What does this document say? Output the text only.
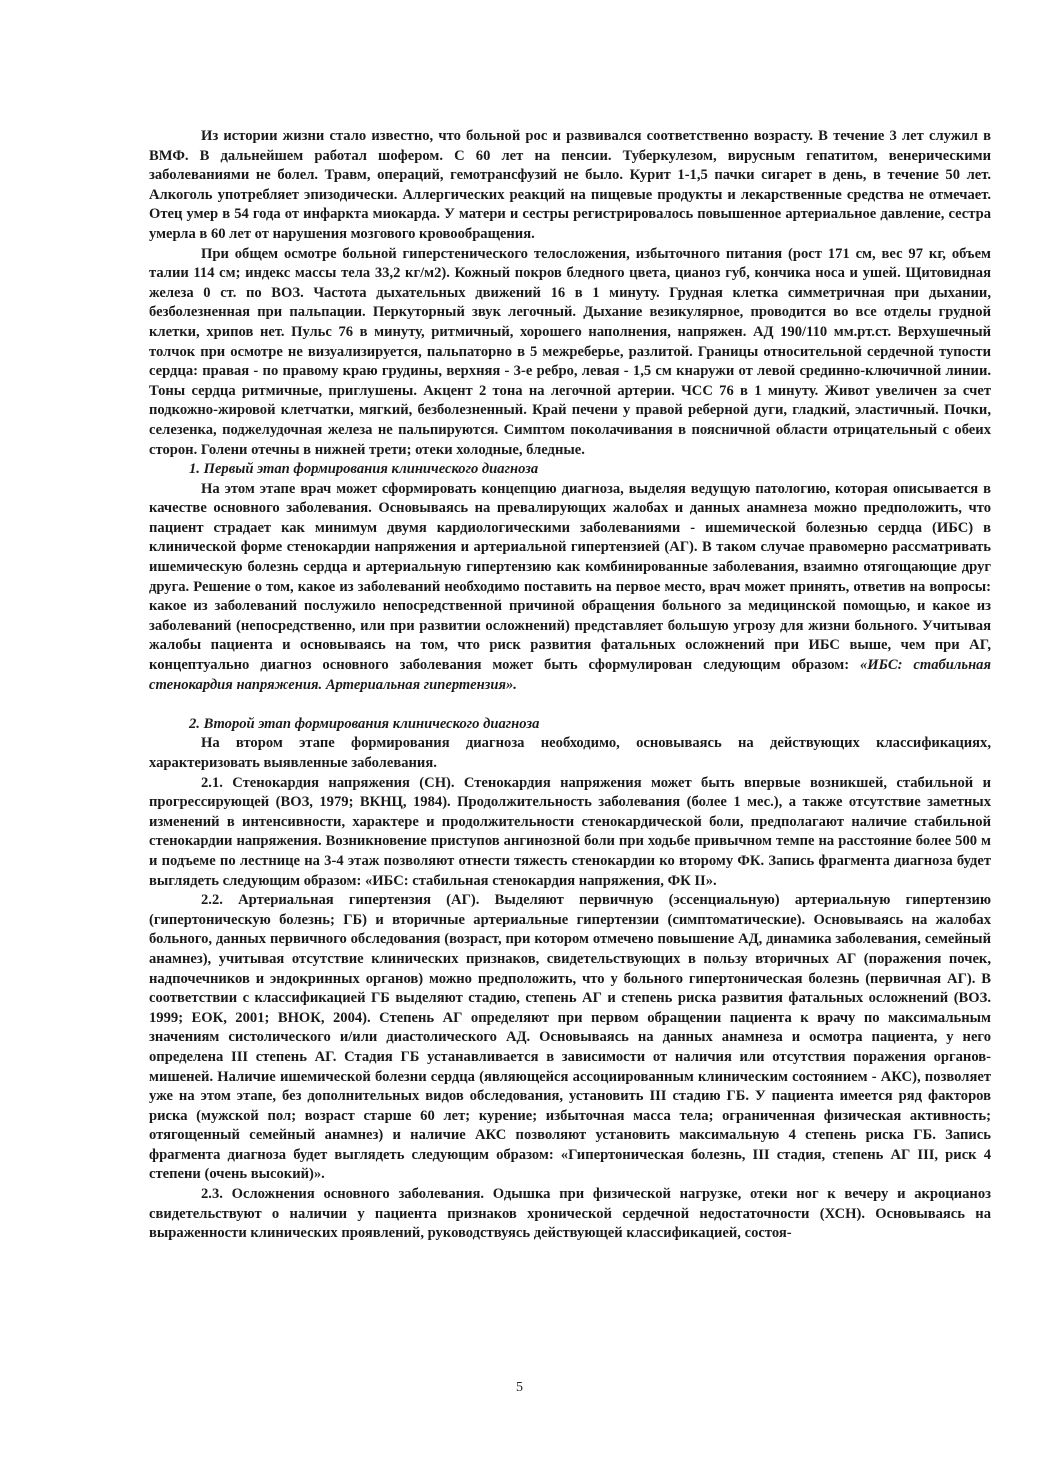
Из истории жизни стало известно, что больной рос и развивался соответственно возрасту. В течение 3 лет служил в ВМФ. В дальнейшем работал шофером. С 60 лет на пенсии. Туберкулезом, вирусным гепатитом, венерическими заболеваниями не болел. Травм, операций, гемотрансфузий не было. Курит 1-1,5 пачки сигарет в день, в течение 50 лет. Алкоголь употребляет эпизодически. Аллергических реакций на пищевые продукты и лекарственные средства не отмечает. Отец умер в 54 года от инфаркта миокарда. У матери и сестры регистрировалось повышенное артериальное давление, сестра умерла в 60 лет от нарушения мозгового кровообращения.

При общем осмотре больной гиперстенического телосложения, избыточного питания (рост 171 см, вес 97 кг, объем талии 114 см; индекс массы тела 33,2 кг/м2). Кожный покров бледного цвета, цианоз губ, кончика носа и ушей. Щитовидная железа 0 ст. по ВОЗ. Частота дыхательных движений 16 в 1 минуту. Грудная клетка симметричная при дыхании, безболезненная при пальпации. Перкуторный звук легочный. Дыхание везикулярное, проводится во все отделы грудной клетки, хрипов нет. Пульс 76 в минуту, ритмичный, хорошего наполнения, напряжен. АД 190/110 мм.рт.ст. Верхушечный толчок при осмотре не визуализируется, пальпаторно в 5 межреберье, разлитой. Границы относительной сердечной тупости сердца: правая - по правому краю грудины, верхняя - 3-е ребро, левая - 1,5 см кнаружи от левой срединно-ключичной линии. Тоны сердца ритмичные, приглушены. Акцент 2 тона на легочной артерии. ЧСС 76 в 1 минуту. Живот увеличен за счет подкожно-жировой клетчатки, мягкий, безболезненный. Край печени у правой реберной дуги, гладкий, эластичный. Почки, селезенка, поджелудочная железа не пальпируются. Симптом поколачивания в поясничной области отрицательный с обеих сторон. Голени отечны в нижней трети; отеки холодные, бледные.

1. Первый этап формирования клинического диагноза

На этом этапе врач может сформировать концепцию диагноза, выделяя ведущую патологию, которая описывается в качестве основного заболевания. Основываясь на превалирующих жалобах и данных анамнеза можно предположить, что пациент страдает как минимум двумя кардиологическими заболеваниями - ишемической болезнью сердца (ИБС) в клинической форме стенокардии напряжения и артериальной гипертензией (АГ). В таком случае правомерно рассматривать ишемическую болезнь сердца и артериальную гипертензию как комбинированные заболевания, взаимно отягощающие друг друга. Решение о том, какое из заболеваний необходимо поставить на первое место, врач может принять, ответив на вопросы: какое из заболеваний послужило непосредственной причиной обращения больного за медицинской помощью, и какое из заболеваний (непосредственно, или при развитии осложнений) представляет большую угрозу для жизни больного. Учитывая жалобы пациента и основываясь на том, что риск развития фатальных осложнений при ИБС выше, чем при АГ, концептуально диагноз основного заболевания может быть сформулирован следующим образом: «ИБС: стабильная стенокардия напряжения. Артериальная гипертензия».

2. Второй этап формирования клинического диагноза

На втором этапе формирования диагноза необходимо, основываясь на действующих классификациях, характеризовать выявленные заболевания.

2.1. Стенокардия напряжения (СН). Стенокардия напряжения может быть впервые возникшей, стабильной и прогрессирующей (ВОЗ, 1979; ВКНЦ, 1984). Продолжительность заболевания (более 1 мес.), а также отсутствие заметных изменений в интенсивности, характере и продолжительности стенокардической боли, предполагают наличие стабильной стенокардии напряжения. Возникновение приступов ангинозной боли при ходьбе привычном темпе на расстояние более 500 м и подъеме по лестнице на 3-4 этаж позволяют отнести тяжесть стенокардии ко второму ФК. Запись фрагмента диагноза будет выглядеть следующим образом: «ИБС: стабильная стенокардия напряжения, ФК II».

2.2. Артериальная гипертензия (АГ). Выделяют первичную (эссенциальную) артериальную гипертензию (гипертоническую болезнь; ГБ) и вторичные артериальные гипертензии (симптоматические). Основываясь на жалобах больного, данных первичного обследования (возраст, при котором отмечено повышение АД, динамика заболевания, семейный анамнез), учитывая отсутствие клинических признаков, свидетельствующих в пользу вторичных АГ (поражения почек, надпочечников и эндокринных органов) можно предположить, что у больного гипертоническая болезнь (первичная АГ). В соответствии с классификацией ГБ выделяют стадию, степень АГ и степень риска развития фатальных осложнений (ВОЗ. 1999; ЕОК, 2001; ВНОК, 2004). Степень АГ определяют при первом обращении пациента к врачу по максимальным значениям систолического и/или диастолического АД. Основываясь на данных анамнеза и осмотра пациента, у него определена III степень АГ. Стадия ГБ устанавливается в зависимости от наличия или отсутствия поражения органов-мишеней. Наличие ишемической болезни сердца (являющейся ассоциированным клиническим состоянием - АКС), позволяет уже на этом этапе, без дополнительных видов обследования, установить III стадию ГБ. У пациента имеется ряд факторов риска (мужской пол; возраст старше 60 лет; курение; избыточная масса тела; ограниченная физическая активность; отягощенный семейный анамнез) и наличие АКС позволяют установить максимальную 4 степень риска ГБ. Запись фрагмента диагноза будет выглядеть следующим образом: «Гипертоническая болезнь, III стадия, степень АГ III, риск 4 степени (очень высокий)».

2.3. Осложнения основного заболевания. Одышка при физической нагрузке, отеки ног к вечеру и акроцианоз свидетельствуют о наличии у пациента признаков хронической сердечной недостаточности (ХСН). Основываясь на выраженности клинических проявлений, руководствуясь действующей классификацией, состоя-

5
